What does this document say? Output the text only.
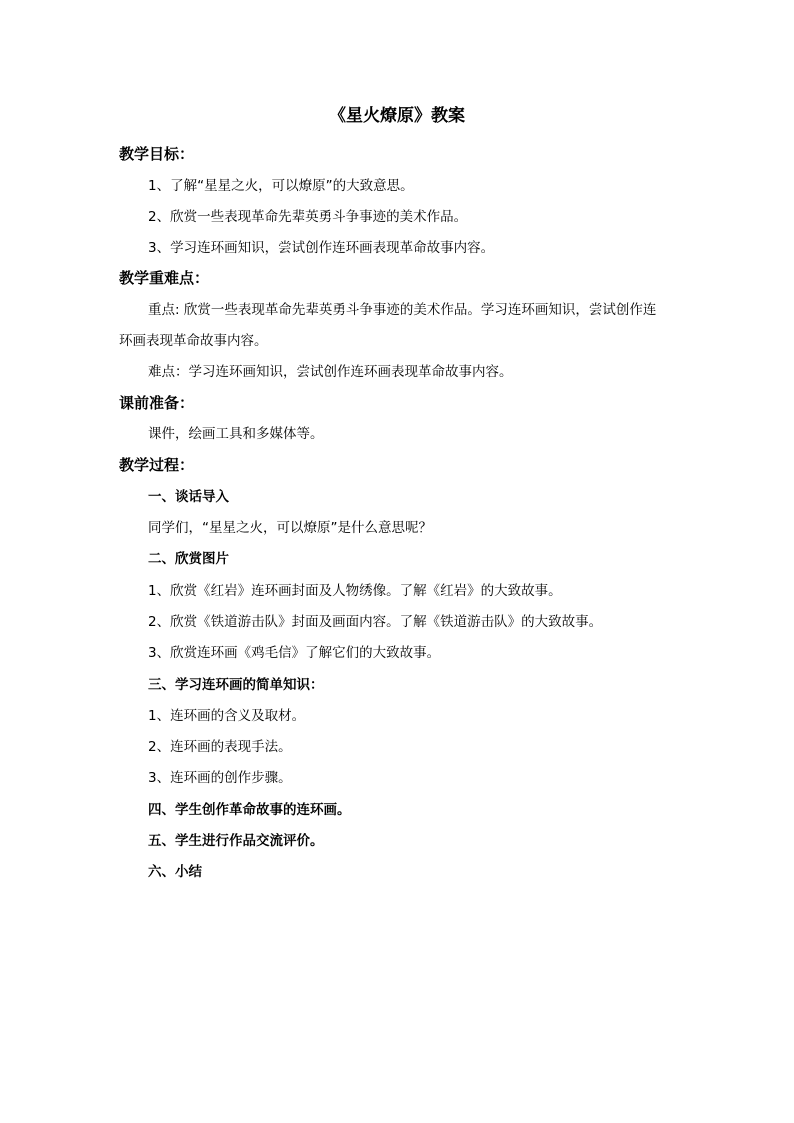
《星火燎原》教案
教学目标：
1、了解“星星之火，可以燎原”的大致意思。
2、欣赏一些表现革命先辈英勇斗争事迹的美术作品。
3、学习连环画知识，尝试创作连环画表现革命故事内容。
教学重难点：
重点: 欣赏一些表现革命先辈英勇斗争事迹的美术作品。学习连环画知识，尝试创作连
环画表现革命故事内容。
难点：学习连环画知识，尝试创作连环画表现革命故事内容。
课前准备：
课件，绘画工具和多媒体等。
教学过程：
一、谈话导入
同学们，“星星之火，可以燎原”是什么意思呢？
二、欣赏图片
1、欣赏《红岩》连环画封面及人物绣像。了解《红岩》的大致故事。
2、欣赏《铁道游击队》封面及画面内容。了解《铁道游击队》的大致故事。
3、欣赏连环画《鸡毛信》了解它们的大致故事。
三、学习连环画的简单知识：
1、连环画的含义及取材。
2、连环画的表现手法。
3、连环画的创作步骤。
四、学生创作革命故事的连环画。
五、学生进行作品交流评价。
六、小结
